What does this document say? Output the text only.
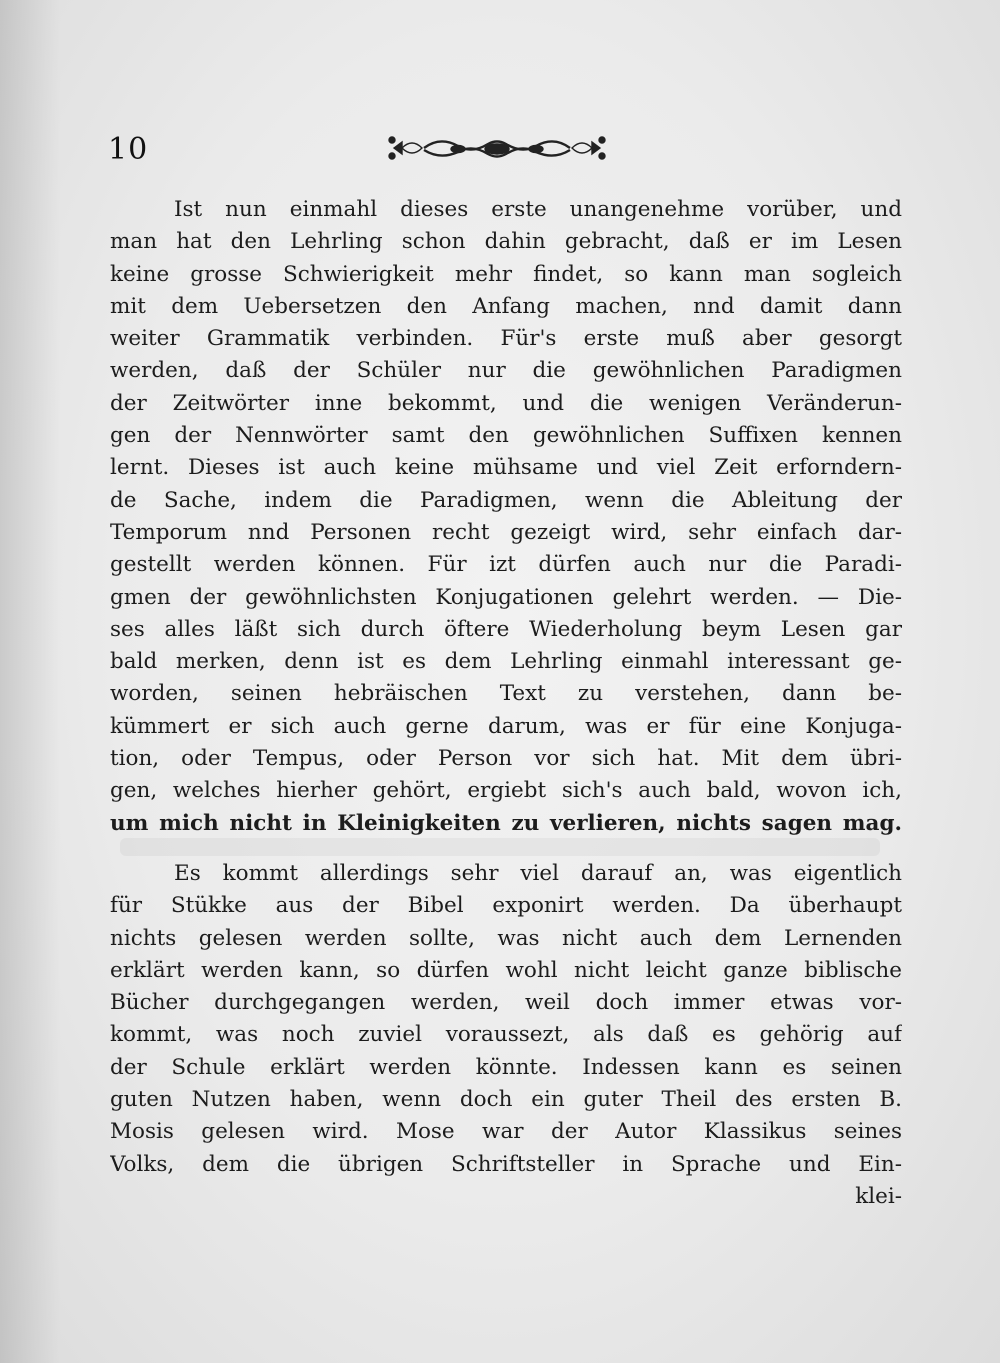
10
Ist nun einmahl dieses erste unangenehme vorüber, und
man hat den Lehrling schon dahin gebracht, daß er im Lesen
keine grosse Schwierigkeit mehr findet, so kann man sogleich
mit dem Uebersetzen den Anfang machen, nnd damit dann
weiter Grammatik verbinden. Für's erste muß aber gesorgt
werden, daß der Schüler nur die gewöhnlichen Paradigmen
der Zeitwörter inne bekommt, und die wenigen Veränderun-
gen der Nennwörter samt den gewöhnlichen Suffixen kennen
lernt. Dieses ist auch keine mühsame und viel Zeit erforndern-
de Sache, indem die Paradigmen, wenn die Ableitung der
Temporum nnd Personen recht gezeigt wird, sehr einfach dar-
gestellt werden können. Für izt dürfen auch nur die Paradi-
gmen der gewöhnlichsten Konjugationen gelehrt werden. — Die-
ses alles läßt sich durch öftere Wiederholung beym Lesen gar
bald merken, denn ist es dem Lehrling einmahl interessant ge-
worden, seinen hebräischen Text zu verstehen, dann be-
kümmert er sich auch gerne darum, was er für eine Konjuga-
tion, oder Tempus, oder Person vor sich hat. Mit dem übri-
gen, welches hierher gehört, ergiebt sich's auch bald, wovon ich,
um mich nicht in Kleinigkeiten zu verlieren, nichts sagen mag.
Es kommt allerdings sehr viel darauf an, was eigentlich
für Stükke aus der Bibel exponirt werden. Da überhaupt
nichts gelesen werden sollte, was nicht auch dem Lernenden
erklärt werden kann, so dürfen wohl nicht leicht ganze biblische
Bücher durchgegangen werden, weil doch immer etwas vor-
kommt, was noch zuviel voraussezt, als daß es gehörig auf
der Schule erklärt werden könnte. Indessen kann es seinen
guten Nutzen haben, wenn doch ein guter Theil des ersten B.
Mosis gelesen wird. Mose war der Autor Klassikus seines
Volks, dem die übrigen Schriftsteller in Sprache und Ein-
klei-
